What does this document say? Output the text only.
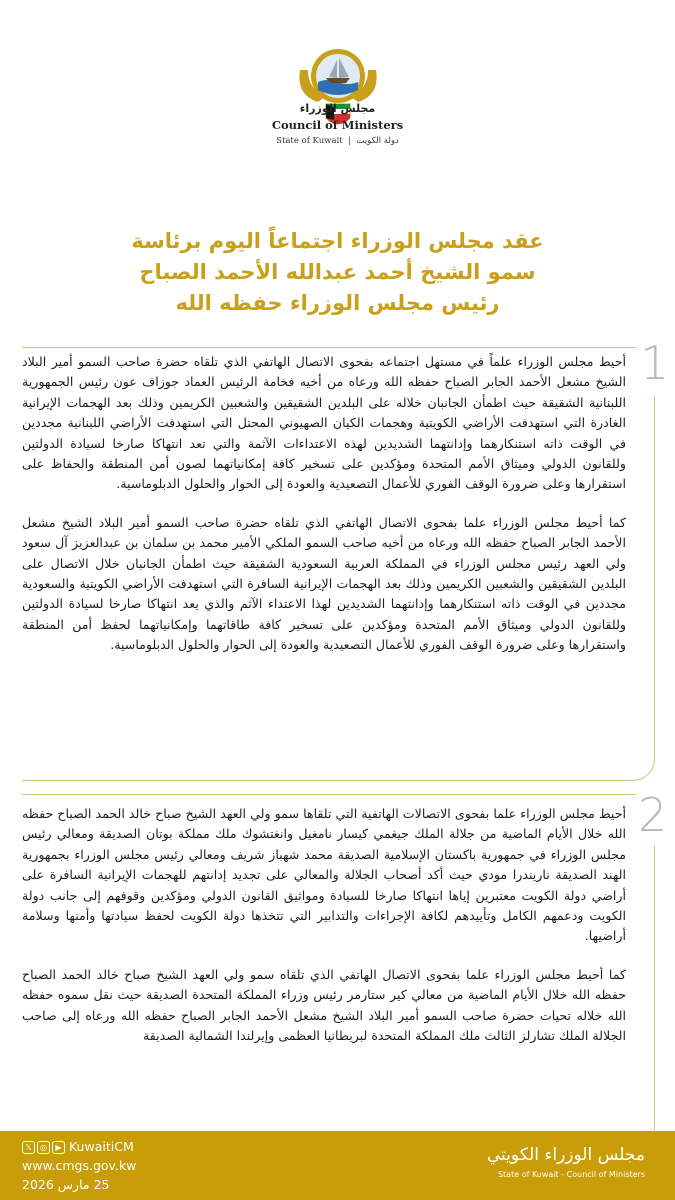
مجلس الوزراء
Council of Ministers
State of Kuwait | دولة الكويت
عقد مجلس الوزراء اجتماعاً اليوم برئاسة
سمو الشيخ أحمد عبدالله الأحمد الصباح
رئيس مجلس الوزراء حفظه الله
1

أحيط مجلس الوزراء علماً في مستهل اجتماعه بفحوى الاتصال الهاتفي الذي تلقاه حضرة صاحب السمو أمير البلاد الشيخ مشعل الأحمد الجابر الصباح حفظه الله ورعاه من أخيه فخامة الرئيس العماد جوزاف عون رئيس الجمهورية اللبنانية الشقيقة حيث اطمأن الجانبان خلاله على البلدين الشقيقين والشعبين الكريمين وذلك بعد الهجمات الإيرانية الغادرة التي استهدفت الأراضي الكويتية وهجمات الكيان الصهيوني المحتل التي استهدفت الأراضي اللبنانية مجددين في الوقت ذاته استنكارهما وإدانتهما الشديدين لهذه الاعتداءات الآثمة والتي تعد انتهاكا صارخا لسيادة الدولتين وللقانون الدولي وميثاق الأمم المتحدة ومؤكدين على تسخير كافة إمكانياتهما لصون أمن المنطقة والحفاظ على استقرارها وعلى ضرورة الوقف الفوري للأعمال التصعيدية والعودة إلى الحوار والحلول الدبلوماسية.

كما أحيط مجلس الوزراء علما بفحوى الاتصال الهاتفي الذي تلقاه حضرة صاحب السمو أمير البلاد الشيخ مشعل الأحمد الجابر الصباح حفظه الله ورعاه من أخيه صاحب السمو الملكي الأمير محمد بن سلمان بن عبدالعزيز آل سعود ولي العهد رئيس مجلس الوزراء في المملكة العربية السعودية الشقيقة حيث اطمأن الجانبان خلال الاتصال على البلدين الشقيقين والشعبين الكريمين وذلك بعد الهجمات الإيرانية السافرة التي استهدفت الأراضي الكويتية والسعودية مجددين في الوقت ذاته استنكارهما وإدانتهما الشديدين لهذا الاعتداء الآثم والذي يعد انتهاكا صارخا لسيادة الدولتين وللقانون الدولي وميثاق الأمم المتحدة ومؤكدين على تسخير كافة طاقاتهما وإمكانياتهما لحفظ أمن المنطقة واستقرارها وعلى ضرورة الوقف الفوري للأعمال التصعيدية والعودة إلى الحوار والحلول الدبلوماسية.

2

أحيط مجلس الوزراء علما بفحوى الاتصالات الهاتفية التي تلقاها سمو ولي العهد الشيخ صباح خالد الحمد الصباح حفظه الله خلال الأيام الماضية من جلالة الملك جيغمي كيسار نامغيل وانغتشوك ملك مملكة بوتان الصديقة ومعالي رئيس مجلس الوزراء في جمهورية باكستان الإسلامية الصديقة محمد شهباز شريف ومعالي رئيس مجلس الوزراء بجمهورية الهند الصديقة ناريندرا مودي حيث أكد أصحاب الجلالة والمعالي على تجديد إدانتهم للهجمات الإيرانية السافرة على أراضي دولة الكويت معتبرين إياها انتهاكا صارخا للسيادة ومواثيق القانون الدولي ومؤكدين وقوفهم إلى جانب دولة الكويت ودعمهم الكامل وتأييدهم لكافة الإجراءات والتدابير التي تتخذها دولة الكويت لحفظ سيادتها وأمنها وسلامة أراضيها.

كما أحيط مجلس الوزراء علما بفحوى الاتصال الهاتفي الذي تلقاه سمو ولي العهد الشيخ صباح خالد الحمد الصباح حفظه الله خلال الأيام الماضية من معالي كير ستارمر رئيس وزراء المملكة المتحدة الصديقة حيث نقل سموه حفظه الله خلاله تحيات حضرة صاحب السمو أمير البلاد الشيخ مشعل الأحمد الجابر الصباح حفظه الله ورعاه إلى صاحب الجلالة الملك تشارلز الثالث ملك المملكة المتحدة لبريطانيا العظمى وإيرلندا الشمالية الصديقة

𝕏	◎	▶ KuwaitiCM
www.cmgs.gov.kw
25 مارس 2026
مجلس الوزراء الكويتي
State of Kuwait - Council of Ministers
